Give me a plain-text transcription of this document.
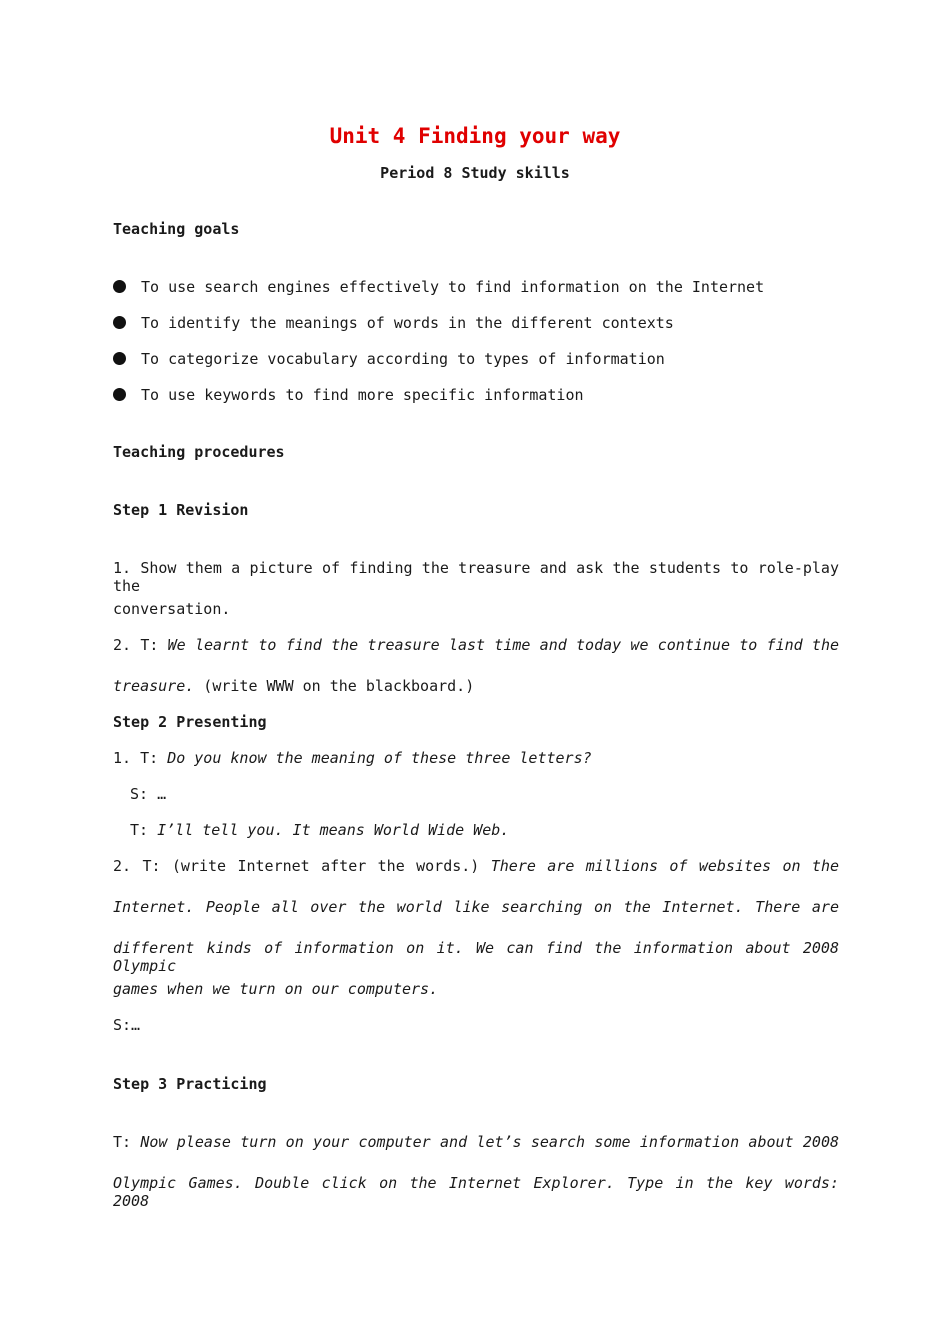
Unit 4 Finding your way
Period 8 Study skills
Teaching goals
To use search engines effectively to find information on the Internet
To identify the meanings of words in the different contexts
To categorize vocabulary according to types of information
To use keywords to find more specific information
Teaching procedures
Step 1 Revision
1. Show them a picture of finding the treasure and ask the students to role-play the
conversation.
2. T: We learnt to find the treasure last time and today we continue to find the
treasure. (write WWW on the blackboard.)
Step 2 Presenting
1. T: Do you know the meaning of these three letters?
S: …
T: I’ll tell you. It means World Wide Web.
2. T: (write Internet after the words.) There are millions of websites on the
Internet. People all over the world like searching on the Internet. There are
different kinds of information on it. We can find the information about 2008 Olympic
games when we turn on our computers.
S:…
Step 3 Practicing
T: Now please turn on your computer and let’s search some information about 2008
Olympic Games. Double click on the Internet Explorer. Type in the key words: 2008
